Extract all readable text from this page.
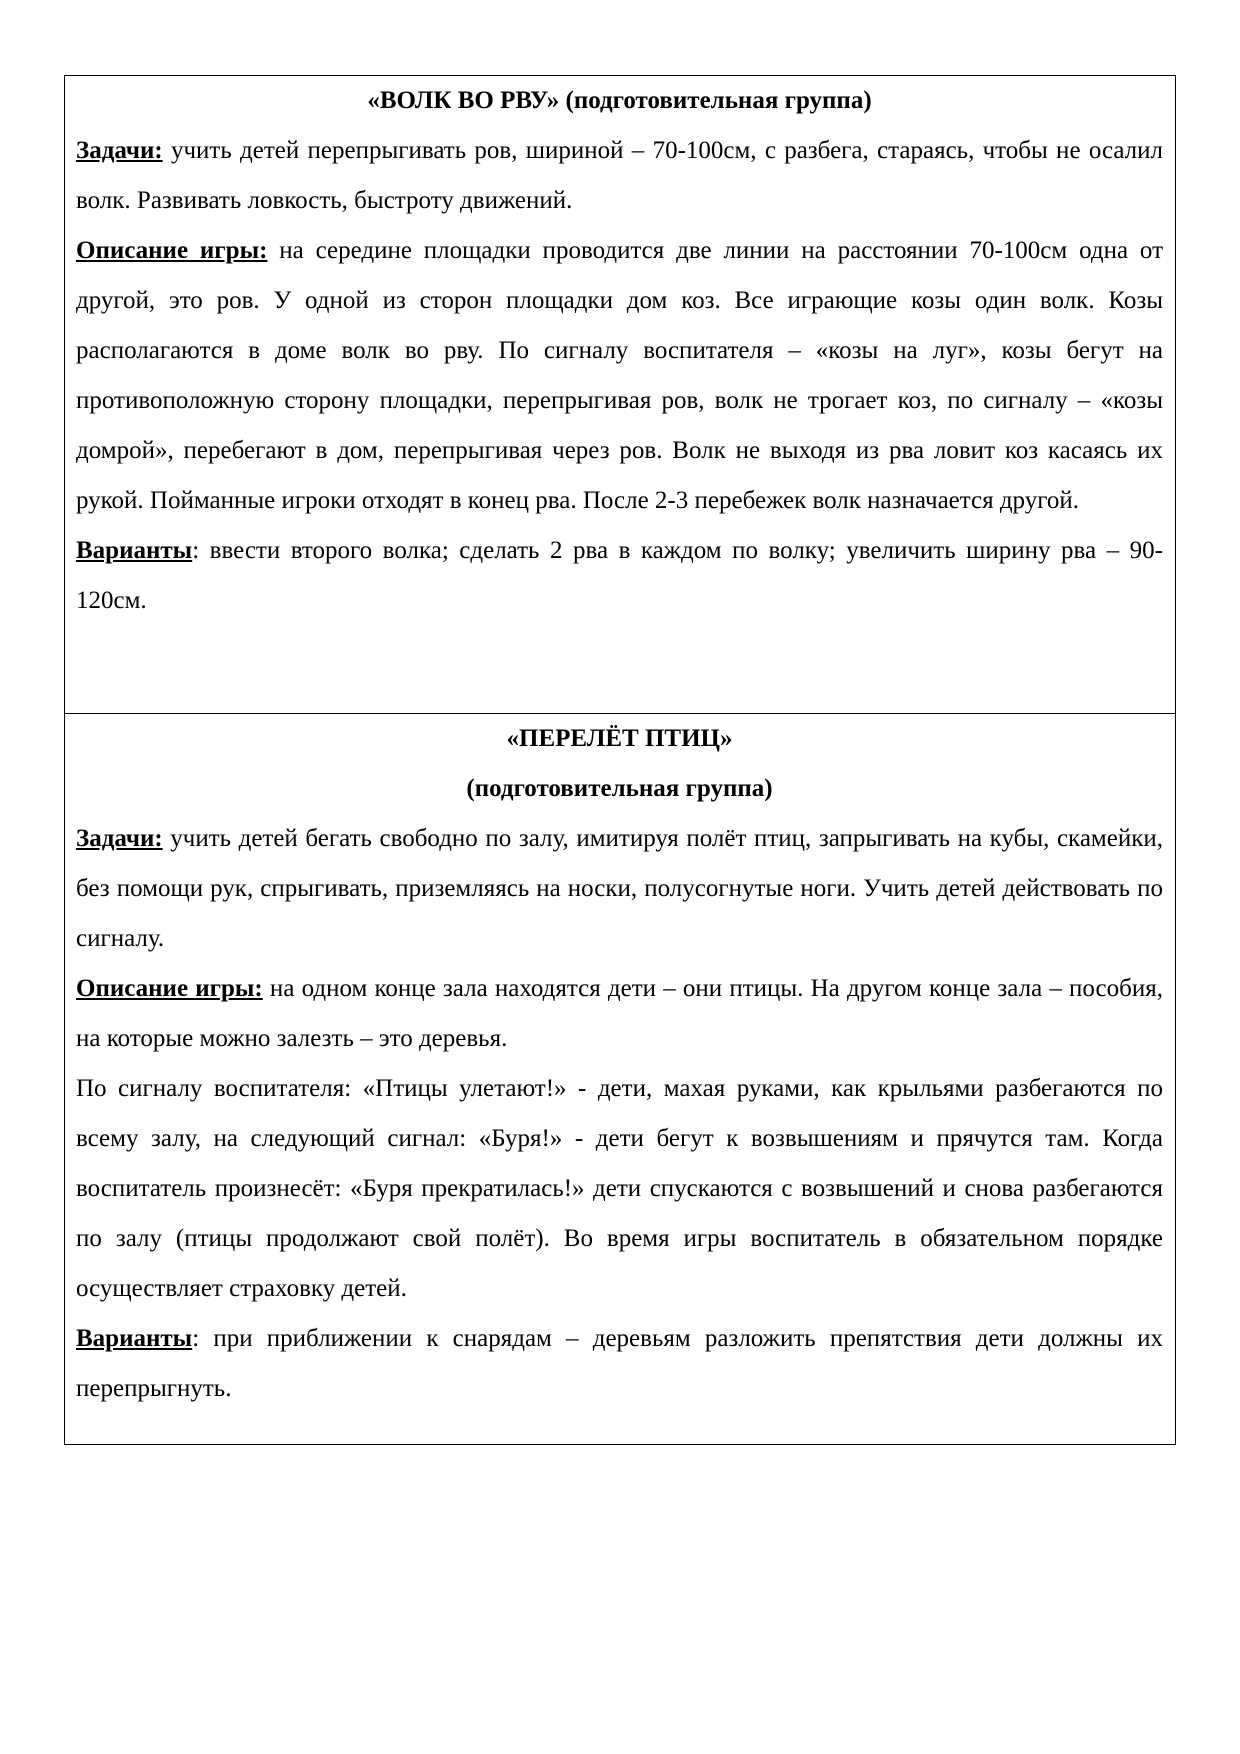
«ВОЛК ВО РВУ» (подготовительная группа)

Задачи: учить детей перепрыгивать ров, шириной – 70-100см, с разбега, стараясь, чтобы не осалил волк. Развивать ловкость, быстроту движений.

Описание игры: на середине площадки проводится две линии на расстоянии 70-100см одна от другой, это ров. У одной из сторон площадки дом коз. Все играющие козы один волк. Козы располагаются в доме волк во рву. По сигналу воспитателя – «козы на луг», козы бегут на противоположную сторону площадки, перепрыгивая ров, волк не трогает коз, по сигналу – «козы домрой», перебегают в дом, перепрыгивая через ров. Волк не выходя из рва ловит коз касаясь их рукой. Пойманные игроки отходят в конец рва. После 2-3 перебежек волк назначается другой.

Варианты: ввести второго волка; сделать 2 рва в каждом по волку; увеличить ширину рва – 90-120см.

«ПЕРЕЛЁТ ПТИЦ»

(подготовительная группа)

Задачи: учить детей бегать свободно по залу, имитируя полёт птиц, запрыгивать на кубы, скамейки, без помощи рук, спрыгивать, приземляясь на носки, полусогнутые ноги. Учить детей действовать по сигналу.

Описание игры: на одном конце зала находятся дети – они птицы. На другом конце зала – пособия, на которые можно залезть – это деревья.

По сигналу воспитателя: «Птицы улетают!» - дети, махая руками, как крыльями разбегаются по всему залу, на следующий сигнал: «Буря!» - дети бегут к возвышениям и прячутся там. Когда воспитатель произнесёт: «Буря прекратилась!» дети спускаются с возвышений и снова разбегаются по залу (птицы продолжают свой полёт). Во время игры воспитатель в обязательном порядке осуществляет страховку детей.

Варианты: при приближении к снарядам – деревьям разложить препятствия дети должны их перепрыгнуть.
